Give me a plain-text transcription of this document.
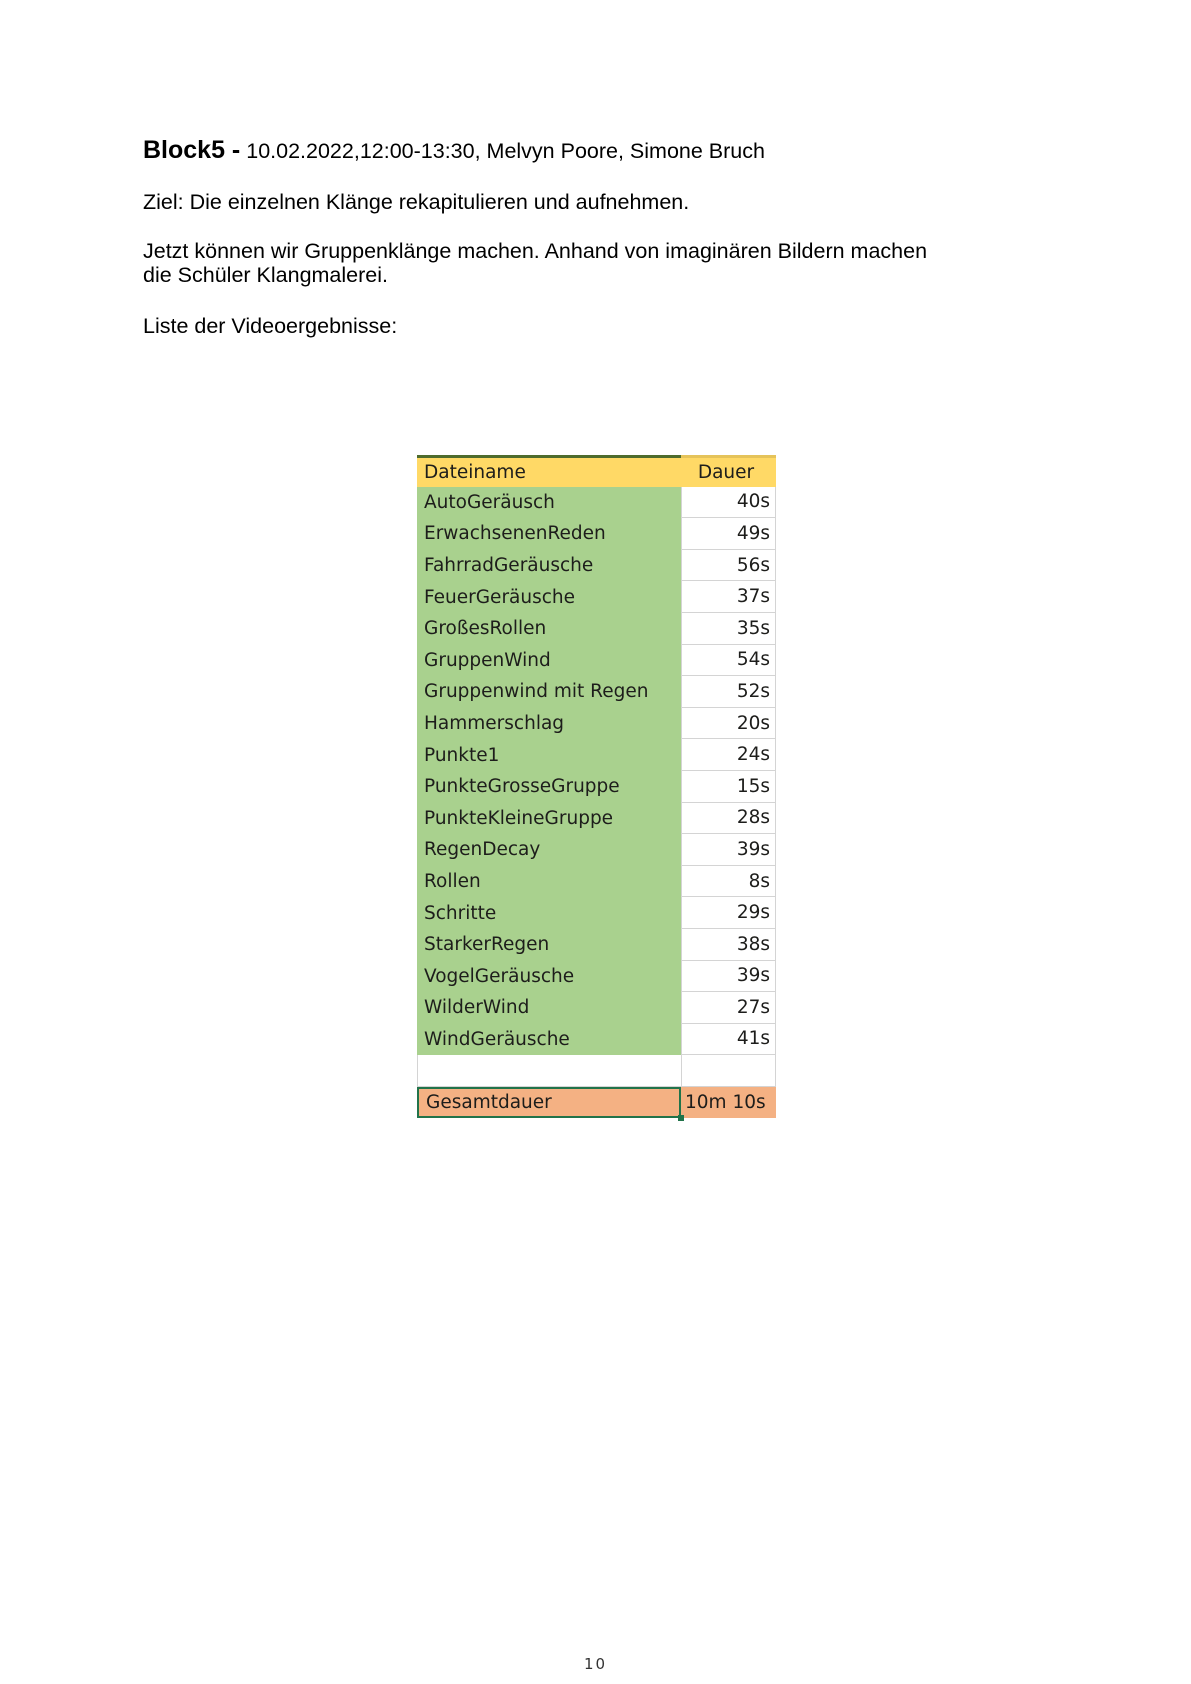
Block5 - 10.02.2022,12:00-13:30, Melvyn Poore, Simone Bruch

Ziel: Die einzelnen Klänge rekapitulieren und aufnehmen.

Jetzt können wir Gruppenklänge machen. Anhand von imaginären Bildern machen
die Schüler Klangmalerei.

Liste der Videoergebnisse:

Dateiname	Dauer
AutoGeräusch	40s
ErwachsenenReden	49s
FahrradGeräusche	56s
FeuerGeräusche	37s
GroßesRollen	35s
GruppenWind	54s
Gruppenwind mit Regen	52s
Hammerschlag	20s
Punkte1	24s
PunkteGrosseGruppe	15s
PunkteKleineGruppe	28s
RegenDecay	39s
Rollen	8s
Schritte	29s
StarkerRegen	38s
VogelGeräusche	39s
WilderWind	27s
WindGeräusche	41s
Gesamtdauer	10m 10s
10
